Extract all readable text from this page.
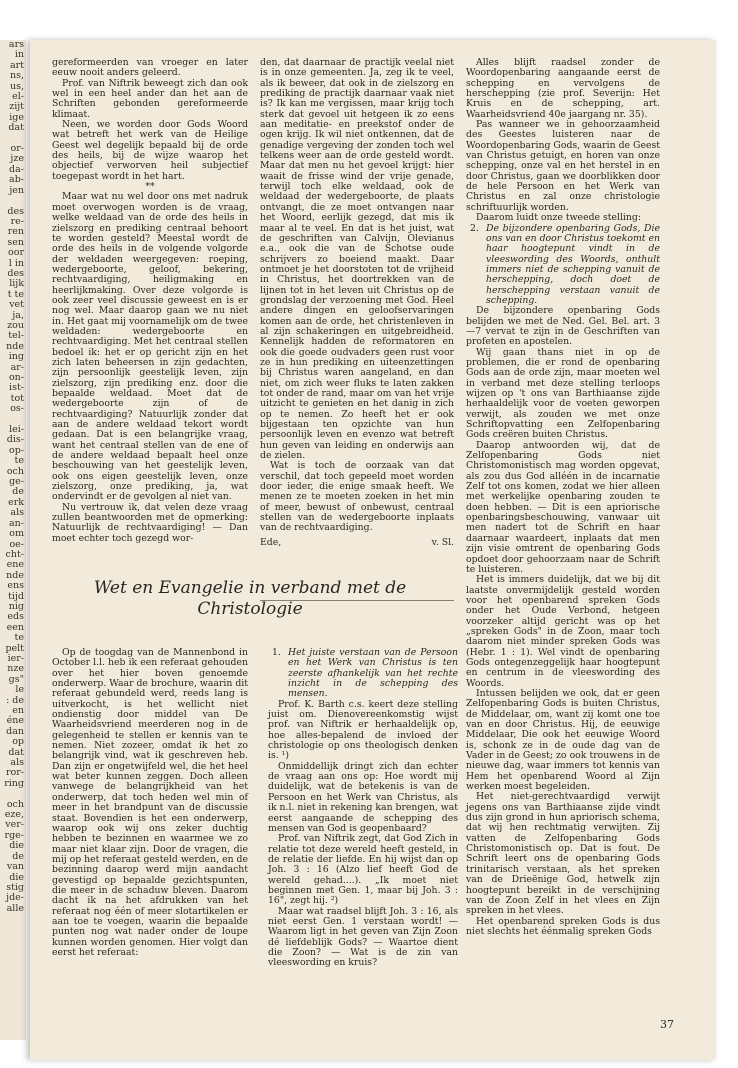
ars
in
art
ns,
us,
el-
zijt
ige
dat

or-
jze
da-
ab-
jen

des
re-
ren
sen
oor
l in
des
lijk
t te
vet
ja,
zou
tel-
nde
ing
ar-
on-
ist-
tot
os-

lei-
dis-
op-
te
och
ge-
de
erk
als
an-
om
oe-
cht-
ene
nde
ens
tijd
nig
eds
een
te
pelt
ier-
nze
gs"
le
: de
en
éne
dan
op
dat
als
ror-
ring

och
eze,
ver-
rge-
die
de
van
die
stig
jde-
alle

gereformeerden van vroeger en later eeuw nooit anders geleerd.

Prof. van Niftrik beweegt zich dan ook wel in een heel ander dan het aan de Schriften gebonden gereformeerde klimaat.

Neen, we worden door Gods Woord wat betreft het werk van de Heilige Geest wel degelijk bepaald bij de orde des heils, bij de wijze waarop het objectief verworven heil subjectief toegepast wordt in het hart.

**

Maar wat nu wel door ons met nadruk moet overwogen worden is de vraag, welke weldaad van de orde des heils in zielszorg en prediking centraal behoort te worden gesteld? Meestal wordt de orde des heils in de volgende volgorde der weldaden weergegeven: roeping, wedergeboorte, geloof, bekering, rechtvaardiging, heiligmaking en heerlijkmaking. Over deze volgorde is ook zeer veel discussie geweest en is er nog wel. Maar daarop gaan we nu niet in. Het gaat mij voornamelijk om de twee weldaden: wedergeboorte en rechtvaardiging. Met het centraal stellen bedoel ik: het er op gericht zijn en het zich laten beheersen in zijn gedachten, zijn persoonlijk geestelijk leven, zijn zielszorg, zijn prediking enz. door die bepaalde weldaad. Moet dat de wedergeboorte zijn of de rechtvaardiging? Natuurlijk zonder dat aan de andere weldaad tekort wordt gedaan. Dat is een belangrijke vraag, want het centraal stellen van de ene of de andere weldaad bepaalt heel onze beschouwing van het geestelijk leven, ook ons eigen geestelijk leven, onze zielszorg, onze prediking, ja, wat ondervindt er de gevolgen al niet van.

Nu vertrouw ik, dat velen deze vraag zullen beantwoorden met de opmerking: Natuurlijk de rechtvaardiging! — Dan moet echter toch gezegd wor-

den, dat daarnaar de practijk veelal niet is in onze gemeenten. Ja, zeg ik te veel, als ik beweer, dat ook in de zielszorg en prediking de practijk daarnaar vaak niet is? Ik kan me vergissen, maar krijg toch sterk dat gevoel uit hetgeen ik zo eens aan meditatie- en preekstof onder de ogen krijg. Ik wil niet ontkennen, dat de genadige vergeving der zonden toch wel telkens weer aan de orde gesteld wordt. Maar dat men nu het gevoel krijgt: hier waait de frisse wind der vrije genade, terwijl toch elke weldaad, ook de weldaad der wedergeboorte, de plaats ontvangt, die ze moet ontvangen naar het Woord, eerlijk gezegd, dat mis ik maar al te veel. En dat is het juist, wat de geschriften van Calvijn, Olevianus e.a., ook die van de Schotse oude schrijvers zo boeiend maakt. Daar ontmoet je het doorstoten tot de vrijheid in Christus, het doortrekken van de lijnen tot in het leven uit Christus op de grondslag der verzoening met God. Heel andere dingen en geloofservaringen komen aan de orde, het christenleven in al zijn schakeringen en uitgebreidheid. Kennelijk hadden de reformatoren en ook die goede oudvaders geen rust voor ze in hun prediking en uiteenzettingen bij Christus waren aangeland, en dan niet, om zich weer fluks te laten zakken tot onder de rand, maar om van het vrije uitzicht te genieten en het danig in zich op te nemen. Zo heeft het er ook bijgestaan ten opzichte van hun persoonlijk leven en evenzo wat betreft hun geven van leiding en onderwijs aan de zielen.

Wat is toch de oorzaak van dat verschil, dat toch gepeeld moet worden door ieder, die enige smaak heeft. We menen ze te moeten zoeken in het min of meer, bewust of onbewust, centraal stellen van de wedergeboorte inplaats van de rechtvaardiging.

Ede,	v. Sl.

Alles blijft raadsel zonder de Woordopenbaring aangaande eerst de schepping en vervolgens de herschepping (zie prof. Severijn: Het Kruis en de schepping, art. Waarheidsvriend 40e jaargang nr. 35).

Pas wanneer we in gehoorzaamheid des Geestes luisteren naar de Woordopenbaring Gods, waarin de Geest van Christus getuigt, en horen van onze schepping, onze val en het herstel in en door Christus, gaan we doorblikken door de hele Persoon en het Werk van Christus en zal onze christologie schriftuurlijk worden.

Daarom luidt onze tweede stelling:

2. De bijzondere openbaring Gods, Die ons van en door Christus toekomt en haar hoogtepunt vindt in de vleeswording des Woords, onthult immers niet de schepping vanuit de herschepping, doch doet de herschepping verstaan vanuit de schepping.

De bijzondere openbaring Gods belijden we met de Ned. Gel. Bel. art. 3—7 vervat te zijn in de Geschriften van profeten en apostelen.

Wij gaan thans niet in op de problemen, die er rond de openbaring Gods aan de orde zijn, maar moeten wel in verband met deze stelling terloops wijzen op 't ons van Barthiaanse zijde herhaaldelijk voor de voeten geworpen verwijt, als zouden we met onze Schriftopvatting een Zelfopenbaring Gods creëren buiten Christus.

Daarop antwoorden wij, dat de Zelfopenbaring Gods niet Christomonistisch mag worden opgevat, als zou dus God alléén in de incarnatie Zelf tot ons komen, zodat we hier alleen met werkelijke openbaring zouden te doen hebben. — Dit is een apriorische openbaringsbeschouwing, vanwaar uit men nadert tot de Schrift en haar daarnaar waardeert, inplaats dat men zijn visie omtrent de openbaring Gods opdoet door gehoorzaam naar de Schrift te luisteren.

Het is immers duidelijk, dat we bij dit laatste onvermijdelijk gesteld worden voor het openbarend spreken Gods onder het Oude Verbond, hetgeen voorzeker altijd gericht was op het „spreken Gods" in de Zoon, maar toch daarom niet minder spreken Gods was (Hebr. 1 : 1). Wel vindt de openbaring Gods ontegenzeggelijk haar hoogtepunt en centrum in de vleeswording des Woords.

Intussen belijden we ook, dat er geen Zelfopenbaring Gods is buiten Christus, de Middelaar, om, want zij komt one toe van en door Christus. Hij, de eeuwige Middelaar, Die ook het eeuwige Woord is, schonk ze in de oude dag van de Vader in de Geest; zo ook trouwens in de nieuwe dag, waar immers tot kennis van Hem het openbarend Woord al Zijn werken moest begeleiden.

Het niet-gerechtvaardigd verwijt jegens ons van Barthiaanse zijde vindt dus zijn grond in hun apriorisch schema, dat wij hen rechtmatig verwijten. Zij vatten de Zelfopenbaring Gods Christomonistisch op. Dat is fout. De Schrift leert ons de openbaring Gods trinitarisch verstaan, als het spreken van de Drieënige God, hetwelk zijn hoogtepunt bereikt in de verschijning van de Zoon Zelf in het vlees en Zijn spreken in het vlees.

Het openbarend spreken Gods is dus niet slechts het éénmalig spreken Gods

Wet en Evangelie in verband met de Christologie

Op de toogdag van de Mannenbond in October l.l. heb ik een referaat gehouden over het hier boven genoemde onderwerp. Waar de brochure, waarin dit referaat gebundeld werd, reeds lang is uitverkocht, is het wellicht niet ondienstig door middel van De Waarheidsvriend meerderen nog in de gelegenheid te stellen er kennis van te nemen. Niet zozeer, omdat ik het zo belangrijk vind, wat ik geschreven heb. Dan zijn er ongetwijfeld wel, die het heel wat beter kunnen zeggen. Doch alleen vanwege de belangrijkheid van het onderwerp, dat toch heden wel min of meer in het brandpunt van de discussie staat. Bovendien is het een onderwerp, waarop ook wij ons zeker duchtig hebben te bezinnen en waarmee we zo maar niet klaar zijn. Door de vragen, die mij op het referaat gesteld werden, en de bezinning daarop werd mijn aandacht gevestigd op bepaalde gezichtspunten, die meer in de schaduw bleven. Daarom dacht ik na het afdrukken van het referaat nog één of meer slotartikelen er aan toe te voegen, waarin die bepaalde punten nog wat nader onder de loupe kunnen worden genomen. Hier volgt dan eerst het referaat:

1. Het juiste verstaan van de Persoon en het Werk van Christus is ten zeerste afhankelijk van het rechte inzicht in de schepping des mensen.

Prof. K. Barth c.s. keert deze stelling juist om. Dienovereenkomstig wijst prof. van Niftrik er herhaaldelijk op, hoe alles-bepalend de invloed der christologie op ons theologisch denken is. ¹)

Onmiddellijk dringt zich dan echter de vraag aan ons op: Hoe wordt mij duidelijk, wat de betekenis is van de Persoon en het Werk van Christus, als ik n.l. niet in rekening kan brengen, wat eerst aangaande de schepping des mensen van God is geopenbaard?

Prof. van Niftrik zegt, dat God Zich in relatie tot deze wereld heeft gesteld, in de relatie der liefde. En hij wijst dan op Joh. 3 : 16 (Alzo lief heeft God de wereld gehad....). „Ik moet niet beginnen met Gen. 1, maar bij Joh. 3 : 16", zegt hij. ²)

Maar wat raadsel blijft Joh. 3 : 16, als niet eerst Gen. 1 verstaan wordt! — Waarom ligt in het geven van Zijn Zoon dé liefdeblijk Gods? — Waartoe dient die Zoon? — Wat is de zin van vleeswording en kruis?

37
